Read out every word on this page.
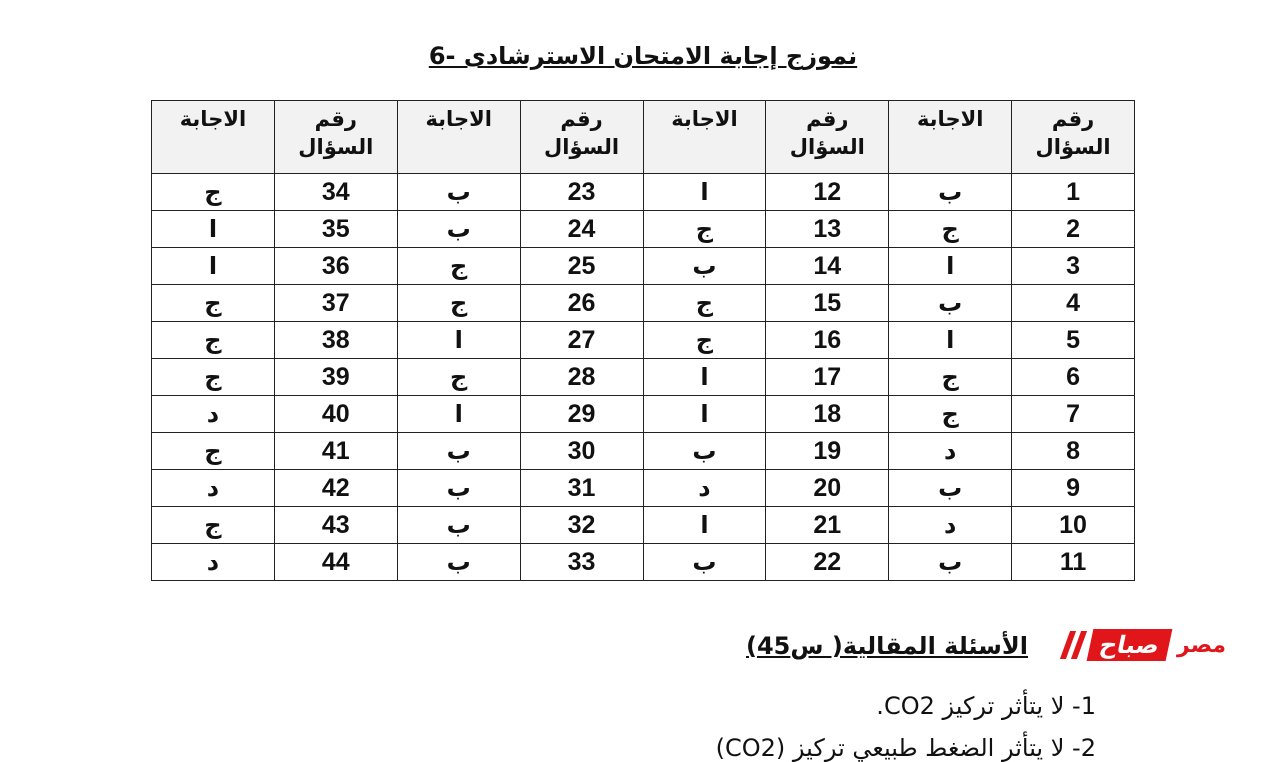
نموزج إجابة الامتحان الاسترشادى -6
رقم السؤال	الاجابة	رقم السؤال	الاجابة	رقم السؤال	الاجابة	رقم السؤال	الاجابة
1	ب	12	ا	23	ب	34	ج
2	ج	13	ج	24	ب	35	ا
3	ا	14	ب	25	ج	36	ا
4	ب	15	ج	26	ج	37	ج
5	ا	16	ج	27	ا	38	ج
6	ج	17	ا	28	ج	39	ج
7	ج	18	ا	29	ا	40	د
8	د	19	ب	30	ب	41	ج
9	ب	20	د	31	ب	42	د
10	د	21	ا	32	ب	43	ج
11	ب	22	ب	33	ب	44	د
الأسئلة المقالية( س45)	مصر
صباح
1- لا يتأثر تركيز CO2.
2- لا يتأثر الضغط طبيعي تركيز (CO2)
